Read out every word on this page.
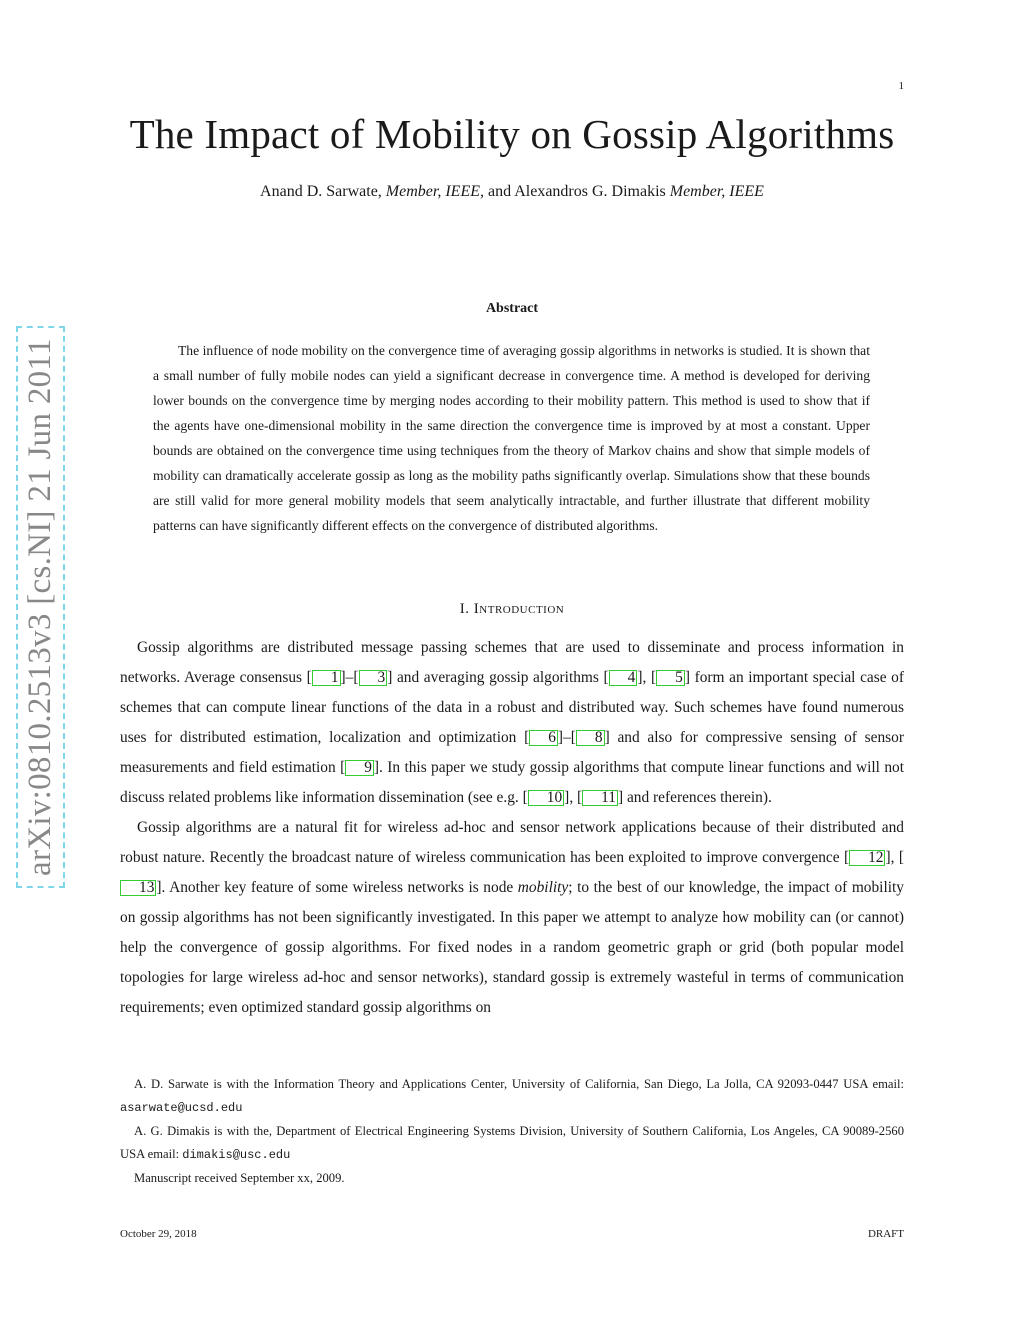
1
The Impact of Mobility on Gossip Algorithms
Anand D. Sarwate, Member, IEEE, and Alexandros G. Dimakis Member, IEEE
Abstract

The influence of node mobility on the convergence time of averaging gossip algorithms in networks is studied. It is shown that a small number of fully mobile nodes can yield a significant decrease in convergence time. A method is developed for deriving lower bounds on the convergence time by merging nodes according to their mobility pattern. This method is used to show that if the agents have one-dimensional mobility in the same direction the convergence time is improved by at most a constant. Upper bounds are obtained on the convergence time using techniques from the theory of Markov chains and show that simple models of mobility can dramatically accelerate gossip as long as the mobility paths significantly overlap. Simulations show that these bounds are still valid for more general mobility models that seem analytically intractable, and further illustrate that different mobility patterns can have significantly different effects on the convergence of distributed algorithms.

I. Introduction

Gossip algorithms are distributed message passing schemes that are used to disseminate and process information in networks. Average consensus [ 1 ]–[ 3 ] and averaging gossip algorithms [ 4 ], [ 5 ] form an important special case of schemes that can compute linear functions of the data in a robust and distributed way. Such schemes have found numerous uses for distributed estimation, localization and optimization [ 6 ]–[ 8 ] and also for compressive sensing of sensor measurements and field estimation [ 9 ]. In this paper we study gossip algorithms that compute linear functions and will not discuss related problems like information dissemination (see e.g. [ 10 ], [ 11 ] and references therein).

Gossip algorithms are a natural fit for wireless ad-hoc and sensor network applications because of their distributed and robust nature. Recently the broadcast nature of wireless communication has been exploited to improve convergence [ 12 ], [13 ]. Another key feature of some wireless networks is node mobility; to the best of our knowledge, the impact of mobility on gossip algorithms has not been significantly investigated. In this paper we attempt to analyze how mobility can (or cannot) help the convergence of gossip algorithms. For fixed nodes in a random geometric graph or grid (both popular model topologies for large wireless ad-hoc and sensor networks), standard gossip is extremely wasteful in terms of communication requirements; even optimized standard gossip algorithms on

A. D. Sarwate is with the Information Theory and Applications Center, University of California, San Diego, La Jolla, CA 92093-0447 USA email: asarwate@ucsd.edu

A. G. Dimakis is with the, Department of Electrical Engineering Systems Division, University of Southern California, Los Angeles, CA 90089-2560 USA email: dimakis@usc.edu

Manuscript received September xx, 2009.

October 29, 2018	DRAFT
arXiv:0810.2513v3 [cs.NI] 21 Jun 2011
